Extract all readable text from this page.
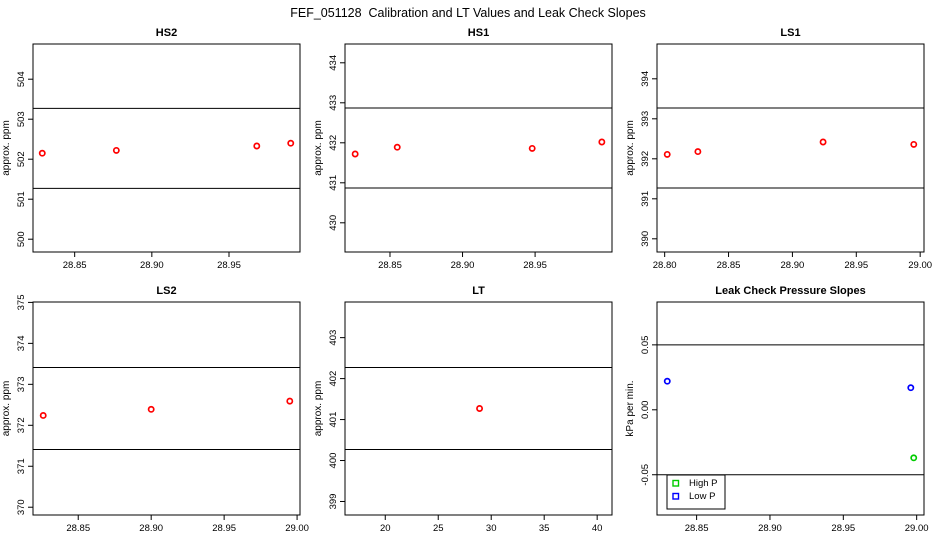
FEF_051128  Calibration and LT Values and Leak Check Slopes
HS2
approx. ppm
28.85	28.90	28.95
500
501
502
503
504
HS1
approx. ppm
28.85	28.90	28.95
430
431
432
433
434
LS1
approx. ppm
28.80	28.85	28.90	28.95	29.00
390
391
392
393
394
LS2
approx. ppm
28.85	28.90	28.95	29.00
370
371
372
373
374
375
LT
approx. ppm
20	25	30	35	40
399
400
401
402
403
Leak Check Pressure Slopes
kPa per min.
28.85	28.90	28.95	29.00
-0.05
0.00
0.05
High P
Low P
